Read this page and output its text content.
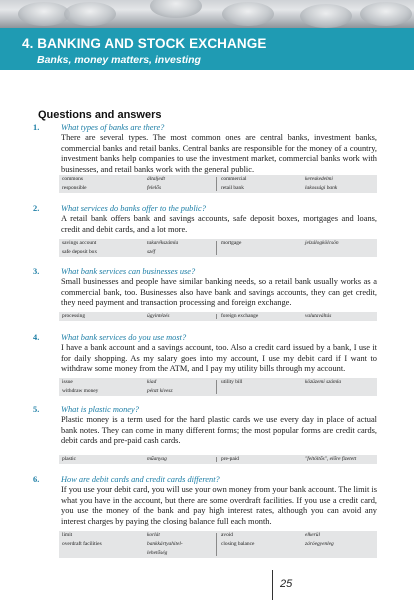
4. BANKING AND STOCK EXCHANGE
Banks, money matters, investing
Questions and answers
1.	What types of banks are there?
There are several types. The most common ones are central banks, investment banks, commercial banks and retail banks. Central banks are responsible for the money of a country, investment banks help companies to use the investment market, commercial banks work with businesses, and retail banks work with the general public.
commons	általjedt	commercial	kereskedelmi
responsible	felelős	retail bank	lakossági bank
2.	What services do banks offer to the public?
A retail bank offers bank and savings accounts, safe deposit boxes, mortgages and loans, credit and debit cards, and a lot more.
savings account	takarékszámla	mortgage	jelzálogkölcsön
safe deposit box	széf
3.	What bank services can businesses use?
Small businesses and people have similar banking needs, so a retail bank usually works as a commercial bank, too. Businesses also have bank and savings accounts, they can get credit, they need payment and transaction processing and foreign exchange.
processing	ügyintézés	foreign exchange	valutaváltás
4.	What bank services do you use most?
I have a bank account and a savings account, too. Also a credit card issued by a bank, I use it for daily shopping. As my salary goes into my account, I use my debit card if I want to withdraw some money from the ATM, and I pay my utility bills through my account.
issue	kiad	utility bill	közüzemi számla
withdraw money	pénzt kivesz
5.	What is plastic money?
Plastic money is a term used for the hard plastic cards we use every day in place of actual bank notes. They can come in many different forms; the most popular forms are credit cards, debit cards and pre-paid cash cards.
plastic	műanyag	pre-paid	"feltöltős", előre fizetett
6.	How are debit cards and credit cards different?
If you use your debit card, you will use your own money from your bank account. The limit is what you have in the account, but there are some overdraft facilities. If you use a credit card, you use the money of the bank and pay high interest rates, although you can avoid any interest charges by paying the closing balance full each month.
limit	korlát	avoid	elkerül
overdraft facilities	bankkártyahitel-	closing balance	záróegyenleg
lehetőség
25
